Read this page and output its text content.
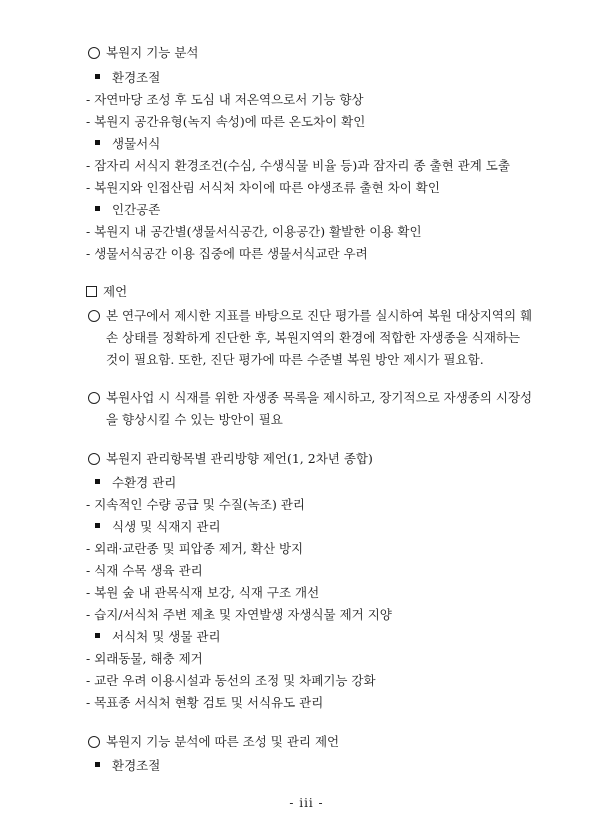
복원지 기능 분석
환경조절
- 자연마당 조성 후 도심 내 저온역으로서 기능 향상
- 복원지 공간유형(녹지 속성)에 따른 온도차이 확인
생물서식
- 잠자리 서식지 환경조건(수심, 수생식물 비율 등)과 잠자리 종 출현 관계 도출
- 복원지와 인접산림 서식처 차이에 따른 야생조류 출현 차이 확인
인간공존
- 복원지 내 공간별(생물서식공간, 이용공간) 활발한 이용 확인
- 생물서식공간 이용 집중에 따른 생물서식교란 우려
제언
본 연구에서 제시한 지표를 바탕으로 진단 평가를 실시하여 복원 대상지역의 훼
손 상태를 정확하게 진단한 후, 복원지역의 환경에 적합한 자생종을 식재하는
것이 필요함. 또한, 진단 평가에 따른 수준별 복원 방안 제시가 필요함.
복원사업 시 식재를 위한 자생종 목록을 제시하고, 장기적으로 자생종의 시장성
을 향상시킬 수 있는 방안이 필요
복원지 관리항목별 관리방향 제언(1, 2차년 종합)
수환경 관리
- 지속적인 수량 공급 및 수질(녹조) 관리
식생 및 식재지 관리
- 외래·교란종 및 피압종 제거, 확산 방지
- 식재 수목 생육 관리
- 복원 숲 내 관목식재 보강, 식재 구조 개선
- 습지/서식처 주변 제초 및 자연발생 자생식물 제거 지양
서식처 및 생물 관리
- 외래동물, 해충 제거
- 교란 우려 이용시설과 동선의 조정 및 차폐기능 강화
- 목표종 서식처 현황 검토 및 서식유도 관리
복원지 기능 분석에 따른 조성 및 관리 제언
환경조절
- iii -
